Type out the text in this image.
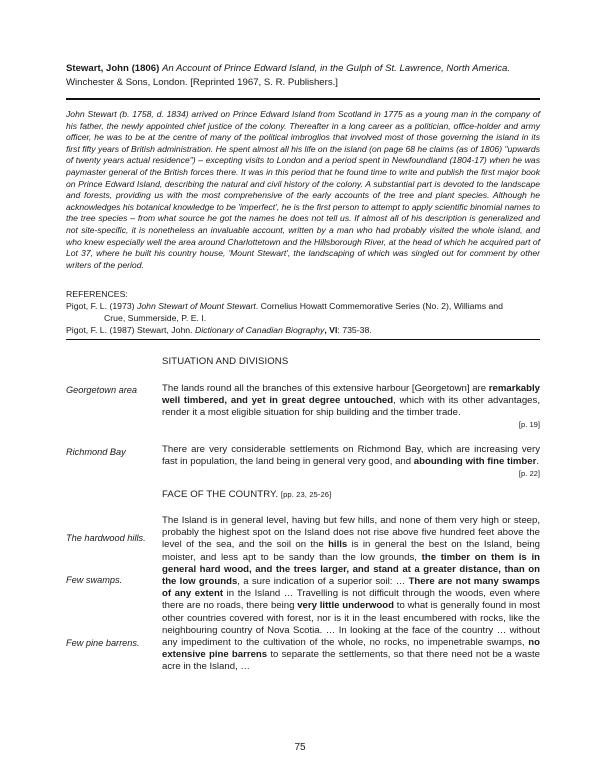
Stewart, John (1806) An Account of Prince Edward Island, in the Gulph of St. Lawrence, North America.
Winchester & Sons, London. [Reprinted 1967, S. R. Publishers.]
John Stewart (b. 1758, d. 1834) arrived on Prince Edward Island from Scotland in 1775 as a young man in the company of his father, the newly appointed chief justice of the colony. Thereafter in a long career as a politician, office-holder and army officer, he was to be at the centre of many of the political imbroglios that involved most of those governing the island in its first fifty years of British administration. He spent almost all his life on the island (on page 68 he claims (as of 1806) "upwards of twenty years actual residence") – excepting visits to London and a period spent in Newfoundland (1804-17) when he was paymaster general of the British forces there. It was in this period that he found time to write and publish the first major book on Prince Edward Island, describing the natural and civil history of the colony. A substantial part is devoted to the landscape and forests, providing us with the most comprehensive of the early accounts of the tree and plant species. Although he acknowledges his botanical knowledge to be 'imperfect', he is the first person to attempt to apply scientific binomial names to the tree species – from what source he got the names he does not tell us. If almost all of his description is generalized and not site-specific, it is nonetheless an invaluable account, written by a man who had probably visited the whole island, and who knew especially well the area around Charlottetown and the Hillsborough River, at the head of which he acquired part of Lot 37, where he built his country house, 'Mount Stewart', the landscaping of which was singled out for comment by other writers of the period.

REFERENCES:

Pigot, F. L. (1973) John Stewart of Mount Stewart. Cornelius Howatt Commemorative Series (No. 2), Williams and

Crue, Summerside, P. E. I.

Pigot, F. L. (1987) Stewart, John. Dictionary of Canadian Biography, VI: 735-38.

SITUATION AND DIVISIONS
Georgetown area	The lands round all the branches of this extensive harbour [Georgetown] are remarkably well timbered, and yet in great degree untouched, which with its other advantages, render it a most eligible situation for ship building and the timber trade.
[p. 19]
Richmond Bay	There are very considerable settlements on Richmond Bay, which are increasing very fast in population, the land being in general very good, and abounding with fine timber.
[p. 22]
FACE OF THE COUNTRY. [pp. 23, 25-26]
The hardwood hills.
Few swamps.
Few pine barrens.
The Island is in general level, having but few hills, and none of them very high or steep, probably the highest spot on the Island does not rise above five hundred feet above the level of the sea, and the soil on the hills is in general the best on the Island, being moister, and less apt to be sandy than the low grounds, the timber on them is in general hard wood, and the trees larger, and stand at a greater distance, than on the low grounds, a sure indication of a superior soil: … There are not many swamps of any extent in the Island … Travelling is not difficult through the woods, even where there are no roads, there being very little underwood to what is generally found in most other countries covered with forest, nor is it in the least encumbered with rocks, like the neighbouring country of Nova Scotia. … In looking at the face of the country … without any impediment to the cultivation of the whole, no rocks, no impenetrable swamps, no extensive pine barrens to separate the settlements, so that there need not be a waste acre in the Island, …
75
